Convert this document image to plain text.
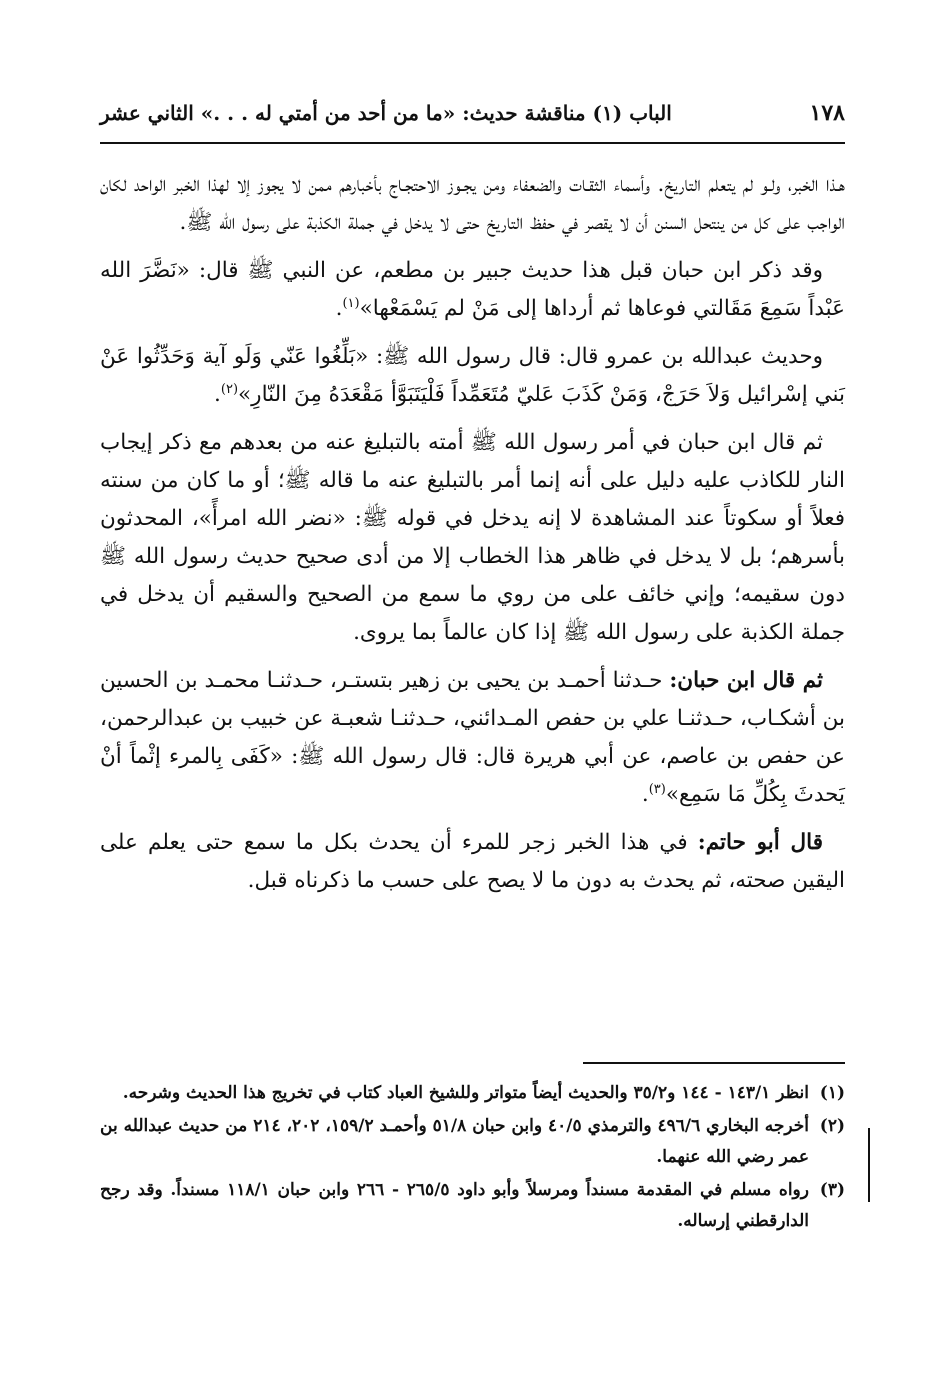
١٧٨
الباب (١) مناقشة حديث: «ما من أحد من أمتي له . . .» الثاني عشر

هـذا الخبر، ولـو لم يتعلم التاريخ. وأسماء الثقـات والضعفاء ومن يجـوز الاحتجـاج بأخبارهم ممن لا يجوز إلا لهذا الخبر الواحد لكان الواجب على كل من ينتحل السنن أن لا يقصر في حفظ التاريخ حتى لا يدخل في جملة الكذبة على رسول الله ﷺ.

وقد ذكر ابن حبان قبل هذا حديث جبير بن مطعم، عن النبي ﷺ قال: «نَضَّرَ الله عَبْداً سَمِعَ مَقَالتي فوعاها ثم أرداها إلى مَنْ لم يَسْمَعْها»$^{(١)}$.

وحديث عبدالله بن عمرو قال: قال رسول الله ﷺ: «بَلِّغُوا عَنّي وَلَو آية وَحَدِّثُوا عَنْ بَني إسْرائيل وَلاَ حَرَجْ، وَمَنْ كَذَبَ عَليّ مُتَعَمِّداً فَلْيَتَبَوَّأ مَقْعَدَهُ مِنَ النّارِ»$^{(٢)}$.

ثم قال ابن حبان في أمر رسول الله ﷺ أمته بالتبليغ عنه من بعدهم مع ذكر إيجاب النار للكاذب عليه دليل على أنه إنما أمر بالتبليغ عنه ما قاله ﷺ؛ أو ما كان من سنته فعلاً أو سكوتاً عند المشاهدة لا إنه يدخل في قوله ﷺ: «نضر الله امرأً»، المحدثون بأسرهم؛ بل لا يدخل في ظاهر هذا الخطاب إلا من أدى صحيح حديث رسول الله ﷺ دون سقيمه؛ وإني خائف على من روي ما سمع من الصحيح والسقيم أن يدخل في جملة الكذبة على رسول الله ﷺ إذا كان عالماً بما يروى.

ثم قال ابن حبان: حـدثنا أحمـد بن يحيى بن زهير بتستـر، حـدثنـا محمـد بن الحسين بن أشكـاب، حـدثنـا علي بن حفص المـدائني، حـدثنـا شعبـة عن خبيب بن عبدالرحمن، عن حفص بن عاصم، عن أبي هريرة قال: قال رسول الله ﷺ: «كَفَى بِالمرء إثْماً أنْ يَحدثَ بِكُلِّ مَا سَمِع»$^{(٣)}$.

قال أبو حاتم: في هذا الخبر زجر للمرء أن يحدث بكل ما سمع حتى يعلم على اليقين صحته، ثم يحدث به دون ما لا يصح على حسب ما ذكرناه قبل.

(١)
انظر ١٤٣/١ - ١٤٤ و٣٥/٢ والحديث أيضاً متواتر وللشيخ العباد كتاب في تخريج هذا الحديث وشرحه.
(٢)
أخرجه البخاري ٤٩٦/٦ والترمذي ٤٠/٥ وابن حبان ٥١/٨ وأحمـد ١٥٩/٢، ٢٠٢، ٢١٤ من حديث عبدالله بن عمر رضي الله عنهما.
(٣)
رواه مسلم في المقدمة مسنداً ومرسلاً وأبو داود ٢٦٥/٥ - ٢٦٦ وابن حبان ١١٨/١ مسنداً. وقد رجح الدارقطني إرساله.
